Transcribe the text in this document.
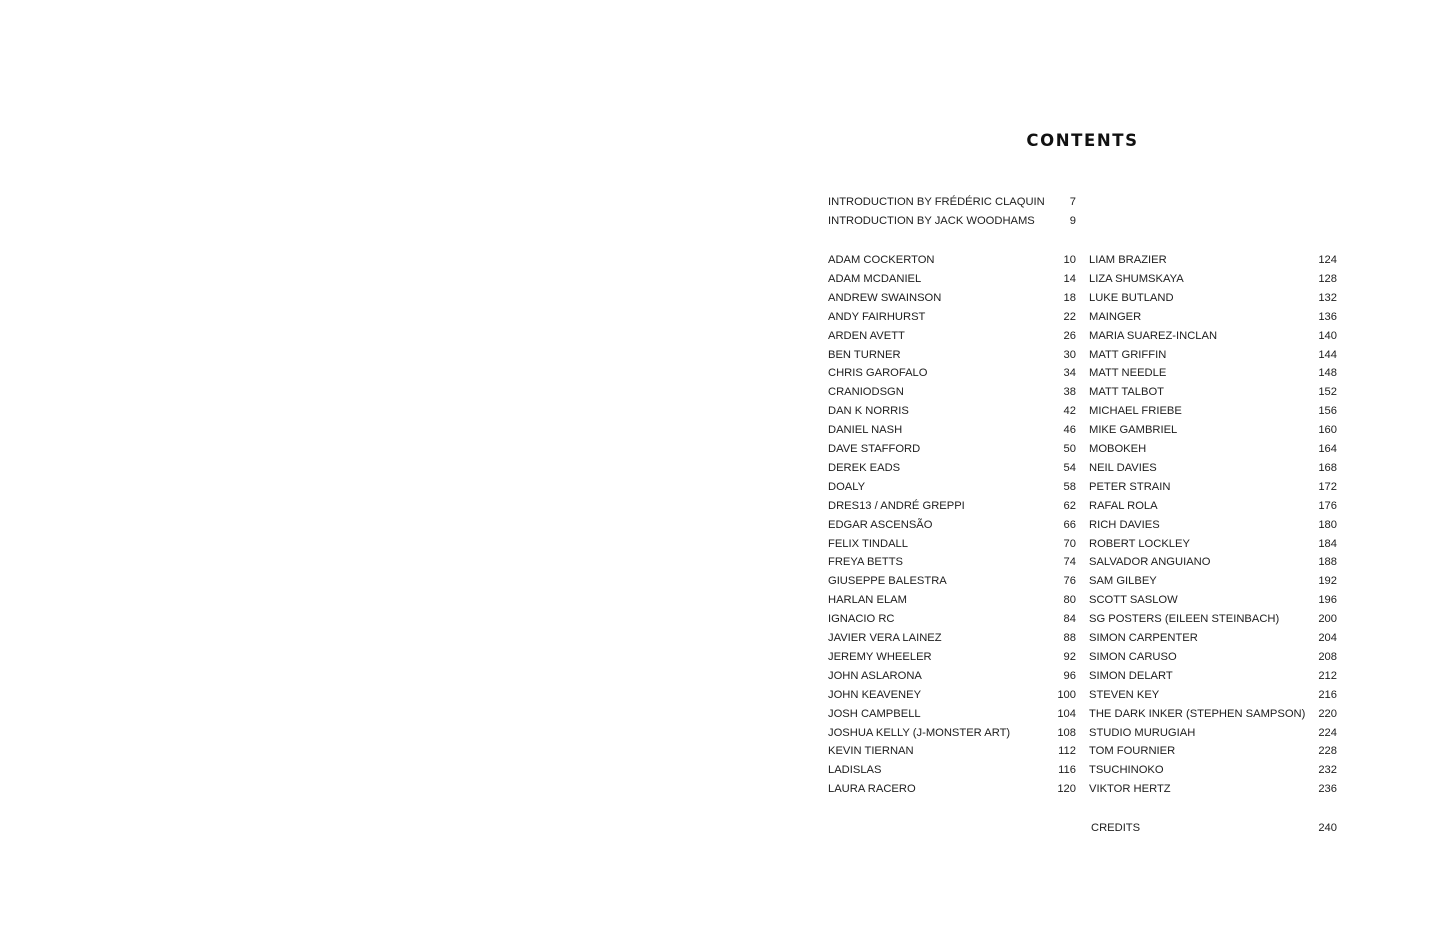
CONTENTS
INTRODUCTION BY FRÉDÉRIC CLAQUIN 7
INTRODUCTION BY JACK WOODHAMS	9
ADAM COCKERTON	10
ADAM MCDANIEL	14
ANDREW SWAINSON	18
ANDY FAIRHURST	22
ARDEN AVETT	26
BEN TURNER	30
CHRIS GAROFALO	34
CRANIODSGN	38
DAN K NORRIS	42
DANIEL NASH	46
DAVE STAFFORD	50
DEREK EADS	54
DOALY	58
DRES13 / ANDRÉ GREPPI	62
EDGAR ASCENSÃO	66
FELIX TINDALL	70
FREYA BETTS	74
GIUSEPPE BALESTRA	76
HARLAN ELAM	80
IGNACIO RC	84
JAVIER VERA LAINEZ	88
JEREMY WHEELER	92
JOHN ASLARONA	96
JOHN KEAVENEY	100
JOSH CAMPBELL	104
JOSHUA KELLY (J-MONSTER ART)	108
KEVIN TIERNAN	112
LADISLAS	116
LAURA RACERO	120
LIAM BRAZIER	124
LIZA SHUMSKAYA	128
LUKE BUTLAND	132
MAINGER	136
MARIA SUAREZ-INCLAN	140
MATT GRIFFIN	144
MATT NEEDLE	148
MATT TALBOT	152
MICHAEL FRIEBE	156
MIKE GAMBRIEL	160
MOBOKEH	164
NEIL DAVIES	168
PETER STRAIN	172
RAFAL ROLA	176
RICH DAVIES	180
ROBERT LOCKLEY	184
SALVADOR ANGUIANO	188
SAM GILBEY	192
SCOTT SASLOW	196
SG POSTERS (EILEEN STEINBACH)	200
SIMON CARPENTER	204
SIMON CARUSO	208
SIMON DELART	212
STEVEN KEY	216
THE DARK INKER (STEPHEN SAMPSON) 220
STUDIO MURUGIAH	224
TOM FOURNIER	228
TSUCHINOKO	232
VIKTOR HERTZ	236
CREDITS	240
